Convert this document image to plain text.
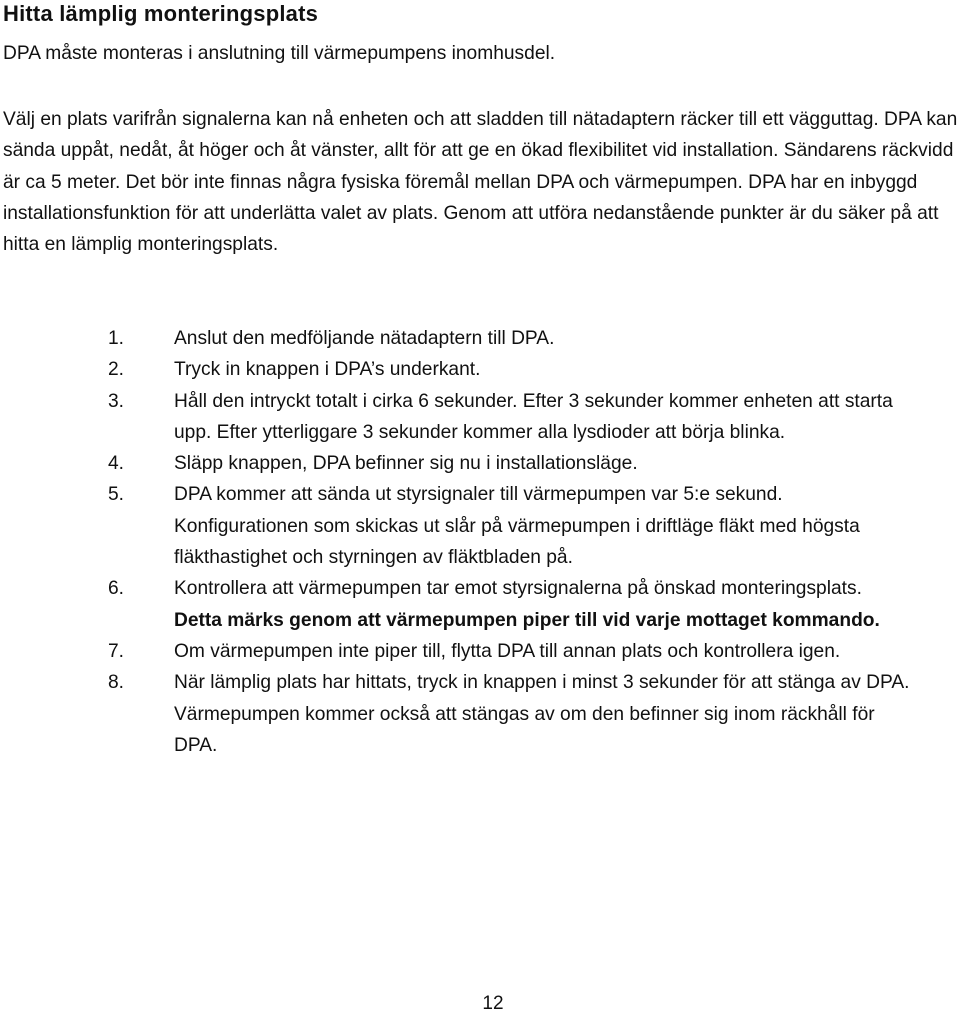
Hitta lämplig monteringsplats

DPA måste monteras i anslutning till värmepumpens inomhusdel.

Välj en plats varifrån signalerna kan nå enheten och att sladden till nätadaptern räcker till ett vägguttag. DPA kan sända uppåt, nedåt, åt höger och åt vänster, allt för att ge en ökad flexibilitet vid installation. Sändarens räckvidd är ca 5 meter. Det bör inte finnas några fysiska föremål mellan DPA och värmepumpen. DPA har en inbyggd installationsfunktion för att underlätta valet av plats. Genom att utföra nedanstående punkter är du säker på att hitta en lämplig monteringsplats.

1.	Anslut den medföljande nätadaptern till DPA.
2.	Tryck in knappen i DPA’s underkant.
3.	Håll den intryckt totalt i cirka 6 sekunder. Efter 3 sekunder kommer enheten att starta upp. Efter ytterliggare 3 sekunder kommer alla lysdioder att börja blinka.
4.	Släpp knappen, DPA befinner sig nu i installationsläge.
5.	DPA kommer att sända ut styrsignaler till värmepumpen var 5:e sekund. Konfigurationen som skickas ut slår på värmepumpen i driftläge fläkt med högsta fläkthastighet och styrningen av fläktbladen på.
6.	Kontrollera att värmepumpen tar emot styrsignalerna på önskad monteringsplats. Detta märks genom att värmepumpen piper till vid varje mottaget kommando.
7.	Om värmepumpen inte piper till, flytta DPA till annan plats och kontrollera igen.
8.	När lämplig plats har hittats, tryck in knappen i minst 3 sekunder för att stänga av DPA. Värmepumpen kommer också att stängas av om den befinner sig inom räckhåll för DPA.
12
